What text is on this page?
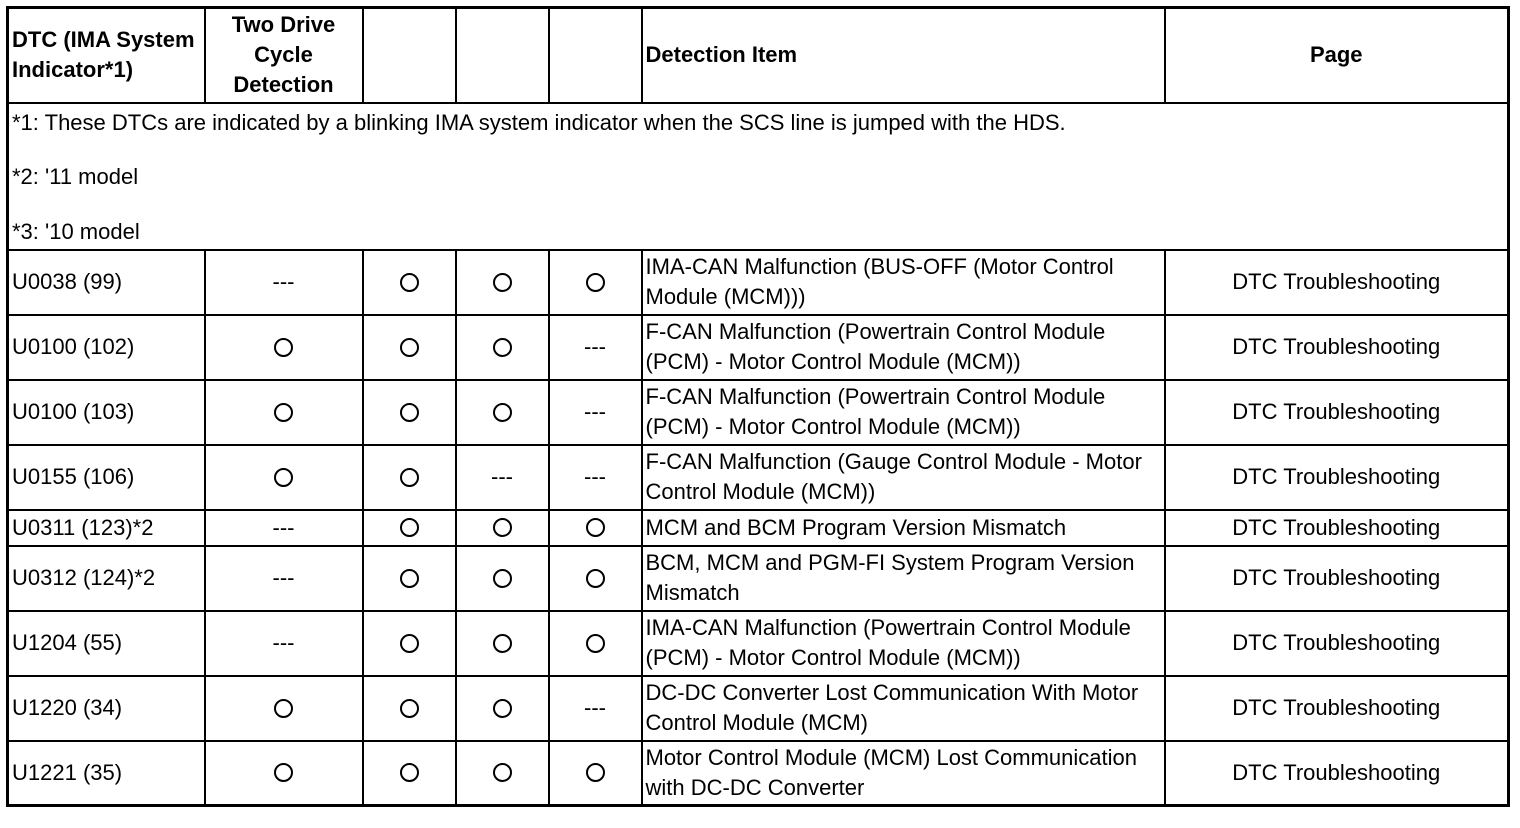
DTC (IMA System Indicator*1)	Two Drive Cycle Detection				Detection Item	Page

*1: These DTCs are indicated by a blinking IMA system indicator when the SCS line is jumped with the HDS.
*2: '11 model
*3: '10 model						

U0038 (99)	---				IMA-CAN Malfunction (BUS-OFF (Motor Control Module (MCM)))	DTC Troubleshooting
U0100 (102)				---	F-CAN Malfunction (Powertrain Control Module (PCM) - Motor Control Module (MCM))	DTC Troubleshooting
U0100 (103)				---	F-CAN Malfunction (Powertrain Control Module (PCM) - Motor Control Module (MCM))	DTC Troubleshooting
U0155 (106)			---	---	F-CAN Malfunction (Gauge Control Module - Motor Control Module (MCM))	DTC Troubleshooting
U0311 (123)*2	---				MCM and BCM Program Version Mismatch	DTC Troubleshooting
U0312 (124)*2	---				BCM, MCM and PGM-FI System Program Version Mismatch	DTC Troubleshooting
U1204 (55)	---				IMA-CAN Malfunction (Powertrain Control Module (PCM) - Motor Control Module (MCM))	DTC Troubleshooting
U1220 (34)				---	DC-DC Converter Lost Communication With Motor Control Module (MCM)	DTC Troubleshooting
U1221 (35)					Motor Control Module (MCM) Lost Communication with DC-DC Converter	DTC Troubleshooting
